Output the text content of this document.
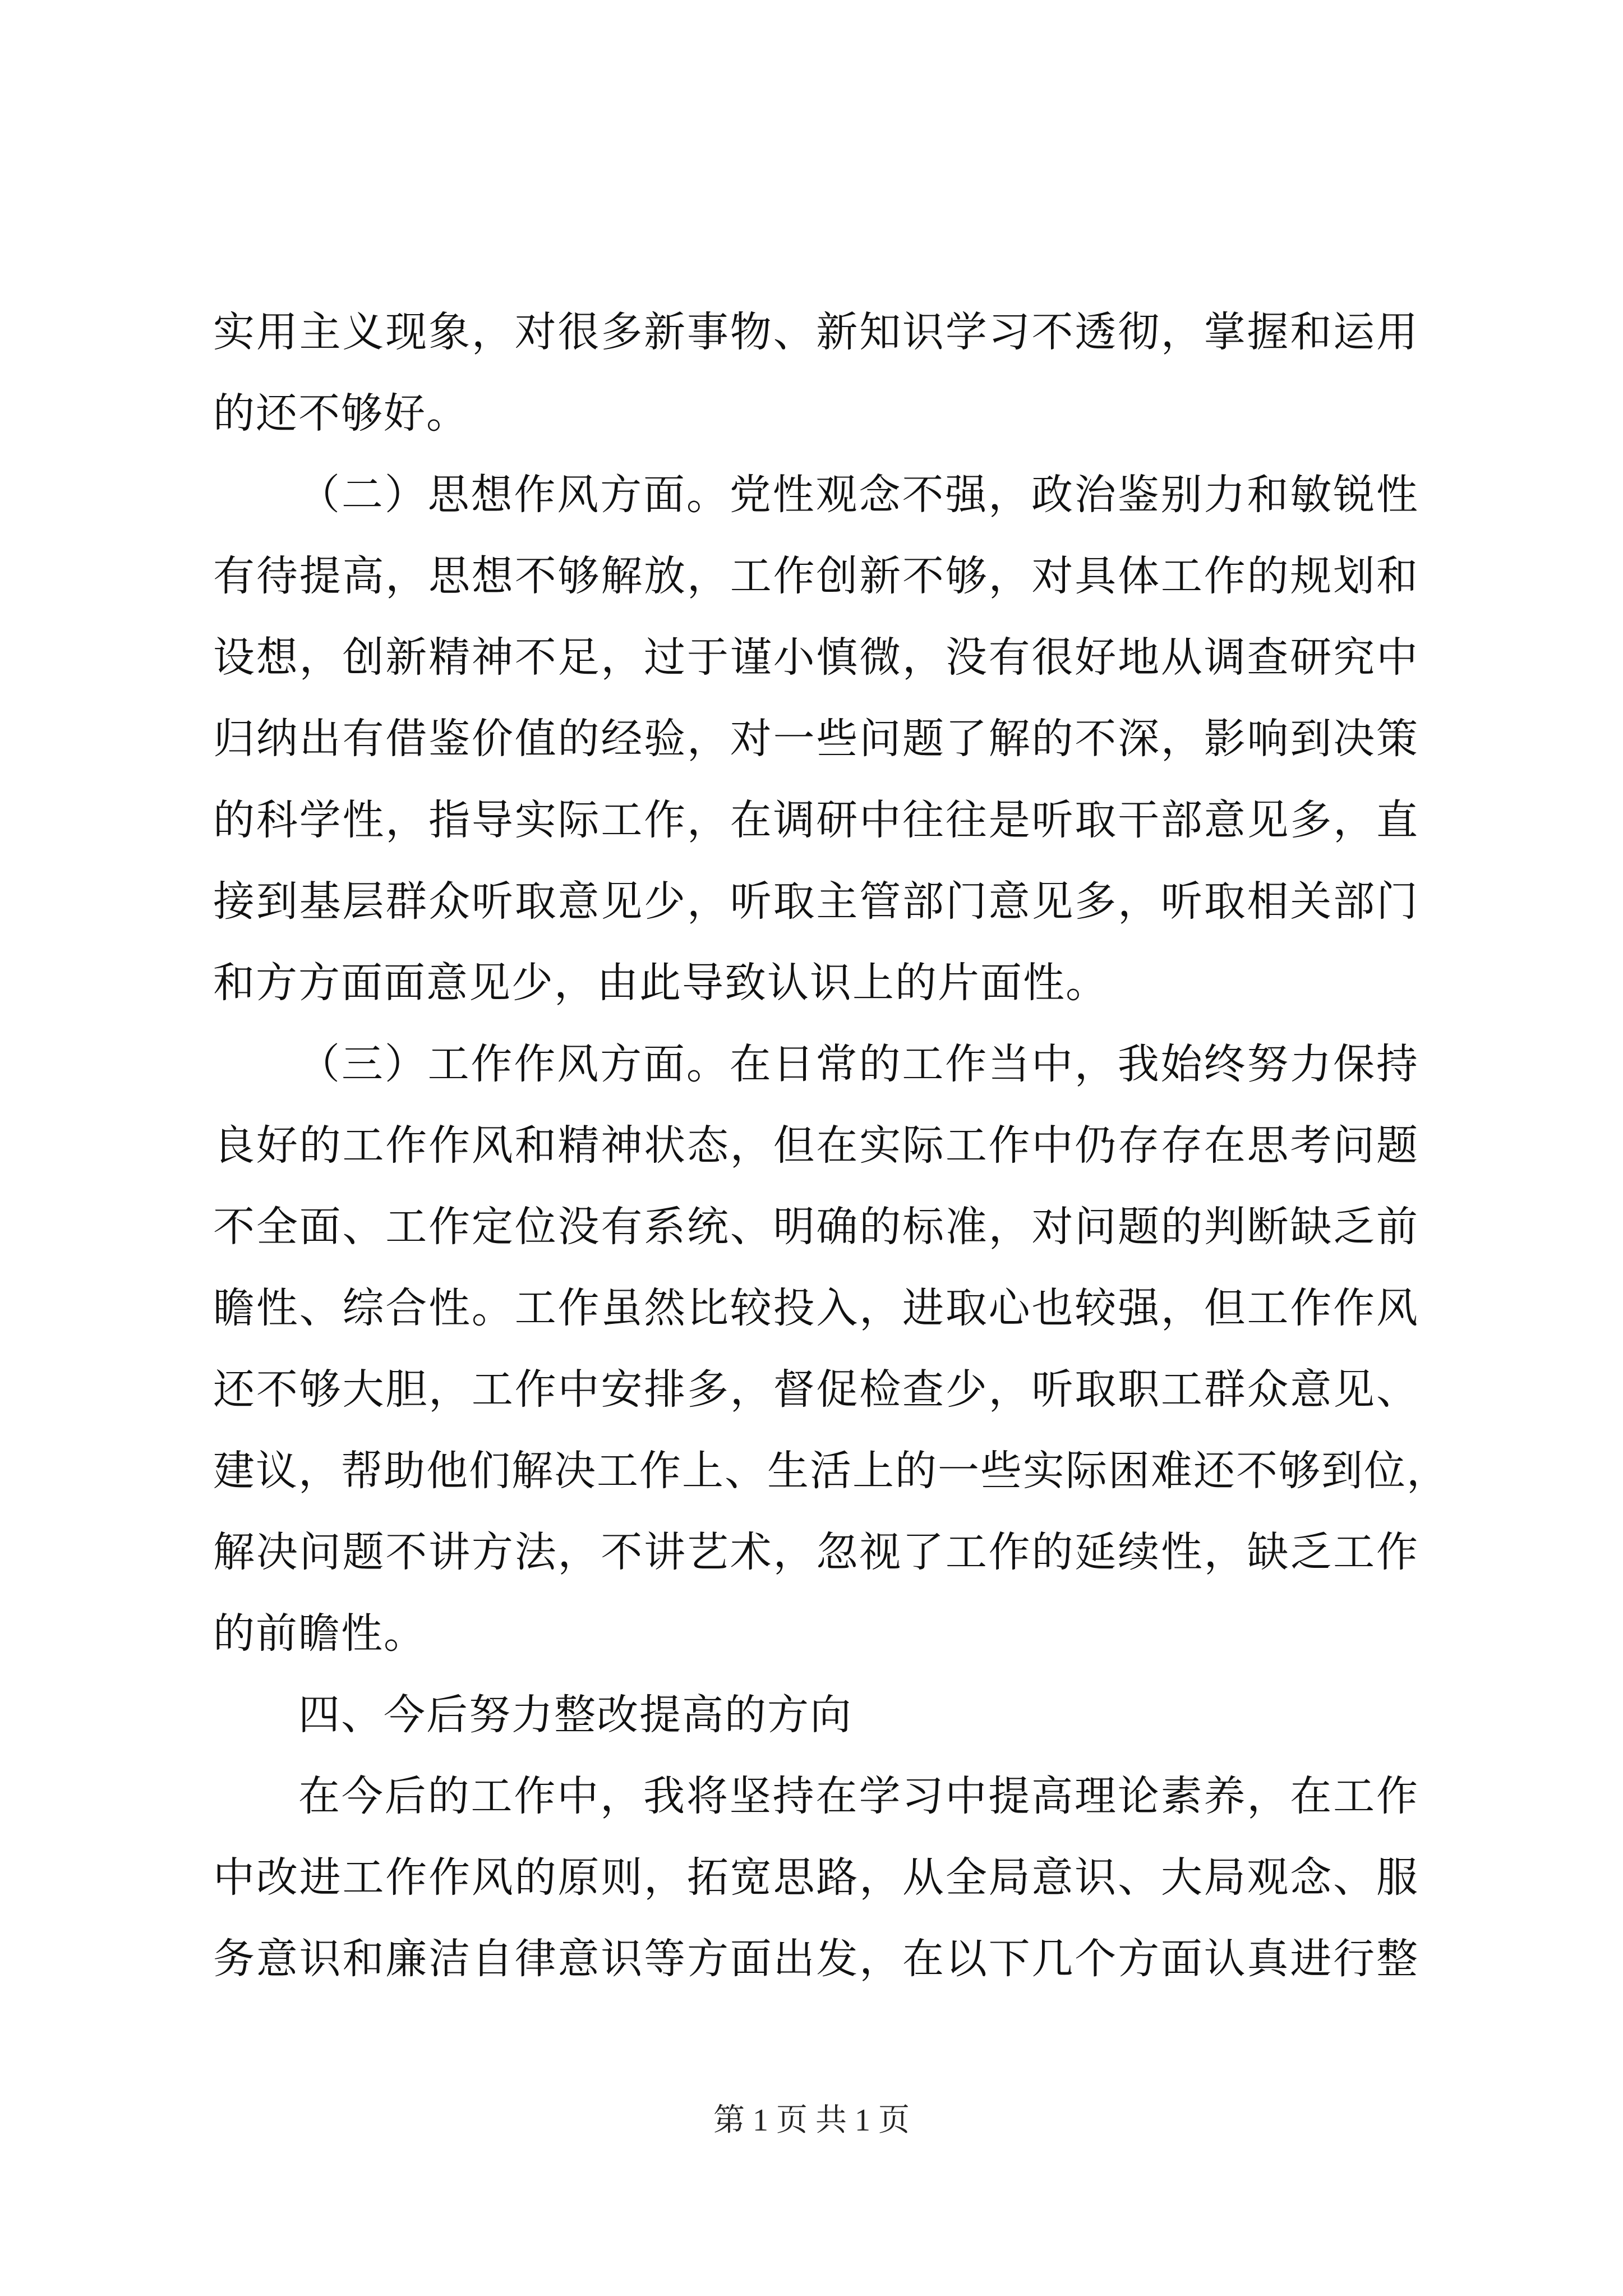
实用主义现象，对很多新事物、新知识学习不透彻，掌握和运用
的还不够好。
（二）思想作风方面。党性观念不强，政治鉴别力和敏锐性
有待提高，思想不够解放，工作创新不够，对具体工作的规划和
设想，创新精神不足，过于谨小慎微，没有很好地从调查研究中
归纳出有借鉴价值的经验，对一些问题了解的不深，影响到决策
的科学性，指导实际工作，在调研中往往是听取干部意见多，直
接到基层群众听取意见少，听取主管部门意见多，听取相关部门
和方方面面意见少，由此导致认识上的片面性。
（三）工作作风方面。在日常的工作当中，我始终努力保持
良好的工作作风和精神状态，但在实际工作中仍存存在思考问题
不全面、工作定位没有系统、明确的标准，对问题的判断缺乏前
瞻性、综合性。工作虽然比较投入，进取心也较强，但工作作风
还不够大胆，工作中安排多，督促检查少，听取职工群众意见、
建议，帮助他们解决工作上、生活上的一些实际困难还不够到位，
解决问题不讲方法，不讲艺术，忽视了工作的延续性，缺乏工作
的前瞻性。
四、今后努力整改提高的方向
在今后的工作中，我将坚持在学习中提高理论素养，在工作
中改进工作作风的原则，拓宽思路，从全局意识、大局观念、服
务意识和廉洁自律意识等方面出发，在以下几个方面认真进行整
第 1 页 共 1 页
